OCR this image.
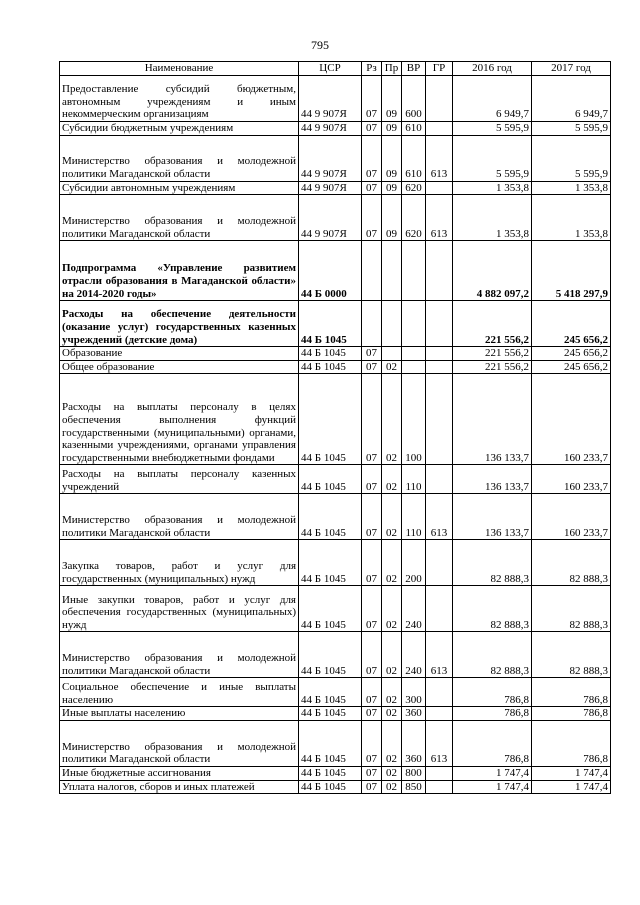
795
Наименование	ЦСР	Рз	Пр	ВР	ГР	2016 год	2017 год
Предоставление субсидий бюджетным, автономным учреждениям и иным некоммерческим организациям	44 9 907Я	07	09	600		6 949,7	6 949,7
Субсидии бюджетным учреждениям	44 9 907Я	07	09	610		5 595,9	5 595,9
Министерство образования и молодежной политики Магаданской области	44 9 907Я	07	09	610	613	5 595,9	5 595,9
Субсидии автономным учреждениям	44 9 907Я	07	09	620		1 353,8	1 353,8
Министерство образования и молодежной политики Магаданской области	44 9 907Я	07	09	620	613	1 353,8	1 353,8
Подпрограмма «Управление развитием отрасли образования в Магаданской области» на 2014-2020 годы»	44 Б 0000					4 882 097,2	5 418 297,9
Расходы на обеспечение деятельности (оказание услуг) государственных казенных учреждений (детские дома)	44 Б 1045					221 556,2	245 656,2
Образование	44 Б 1045	07				221 556,2	245 656,2
Общее образование	44 Б 1045	07	02			221 556,2	245 656,2
Расходы на выплаты персоналу в целях обеспечения выполнения функций государственными (муниципальными) органами, казенными учреждениями, органами управления государственными внебюджетными фондами	44 Б 1045	07	02	100		136 133,7	160 233,7
Расходы на выплаты персоналу казенных учреждений	44 Б 1045	07	02	110		136 133,7	160 233,7
Министерство образования и молодежной политики Магаданской области	44 Б 1045	07	02	110	613	136 133,7	160 233,7
Закупка товаров, работ и услуг для государственных (муниципальных) нужд	44 Б 1045	07	02	200		82 888,3	82 888,3
Иные закупки товаров, работ и услуг для обеспечения государственных (муниципальных) нужд	44 Б 1045	07	02	240		82 888,3	82 888,3
Министерство образования и молодежной политики Магаданской области	44 Б 1045	07	02	240	613	82 888,3	82 888,3
Социальное обеспечение и иные выплаты населению	44 Б 1045	07	02	300		786,8	786,8
Иные выплаты населению	44 Б 1045	07	02	360		786,8	786,8
Министерство образования и молодежной политики Магаданской области	44 Б 1045	07	02	360	613	786,8	786,8
Иные бюджетные ассигнования	44 Б 1045	07	02	800		1 747,4	1 747,4
Уплата налогов, сборов и иных платежей	44 Б 1045	07	02	850		1 747,4	1 747,4
